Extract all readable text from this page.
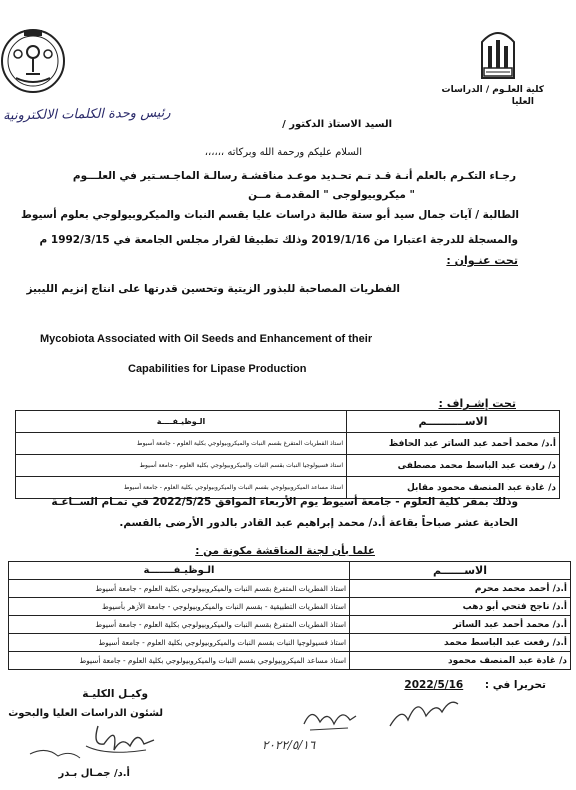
كلية العلـوم / الدراسات
العليا
السيد الاستاذ الدكتور /
رئيس وحدة الكلمات الالكترونية
السلام عليكم ورحمة الله وبركاته ،،،،،،
رجـاء التكـرم بالعلم أنـة قـد تـم تحـديد موعـد مناقشـة رسالـة الماجـسـتير في العلـــوم
" ميكروبيولوجى " المقدمـة مــن
الطالبة / آيات جمال سيد أبو ستة طالبة دراسات عليا بقسم النبات والميكروبيولوجي بعلوم أسيوط
والمسجلة للدرجة اعتبارا من 2019/1/16 وذلك تطبيقا لقرار مجلس الجامعة في 1992/3/15 م
تحت عنـوان :
الفطريات المصاحبة للبذور الزيتية وتحسين قدرتها على انتاج إنزيم الليبيز
Mycobiota Associated with Oil Seeds and Enhancement of their
Capabilities for Lipase Production
تحت إشـراف :
الاســــــــــم	الـوظيـفــــة
أ.د/ محمد أحمد عبد الساتر عبد الحافظ	استاذ الفطريات المتفرغ بقسم النبات والميكروبيولوجي بكلية العلوم - جامعة أسيوط
د/ رفعت عبد الباسط محمد مصطفى	استاذ فسيولوجيا النبات بقسم النبات والميكروبيولوجي بكلية العلوم - جامعة أسيوط
د/ غادة عبد المنصف محمود مقابل	استاذ مساعد الميكروبيولوجي بقسم النبات والميكروبيولوجي بكلية العلوم - جامعة أسيوط
وذلك بمقر كلية العلوم - جامعة أسيوط يوم الأربعاء الموافق 2022/5/25 في تمـام الســاعـة
الحادية عشر صباحاً بقاعة أ.د/ محمد إبراهيم عبد القادر بالدور الأرضى بالقسم.
علما بأن لجنة المناقشة مكونة من :
الاســــــم	الـوظيـفـــــــة
أ.د/ أحمد محمد محرم	استاذ الفطريات المتفرغ بقسم النبات والميكروبيولوجي بكلية العلوم - جامعة أسيوط
أ.د/ ناجح فتحي أبو دهب	استاذ الفطريات التطبيقية - بقسم النبات والميكروبيولوجي - جامعة الأزهر بأسيوط
أ.د/ محمد أحمد عبد الساتر	استاذ الفطريات المتفرغ بقسم النبات والميكروبيولوجي بكلية العلوم - جامعة أسيوط
أ.د/ رفعت عبد الباسط محمد	استاذ فسيولوجيا النبات بقسم النبات والميكروبيولوجي بكلية العلوم - جامعة أسيوط
د/ غادة عبد المنصف محمود	استاذ مساعد الميكروبيولوجي بقسم النبات والميكروبيولوجي بكلية العلوم - جامعة أسيوط
تحريرا في : 2022/5/16
وكيـل الكليـة
لشئون الدراسات العليا والبحوث
أ.د/ جمـال بـدر
٢٠٢٢/٥/١٦
